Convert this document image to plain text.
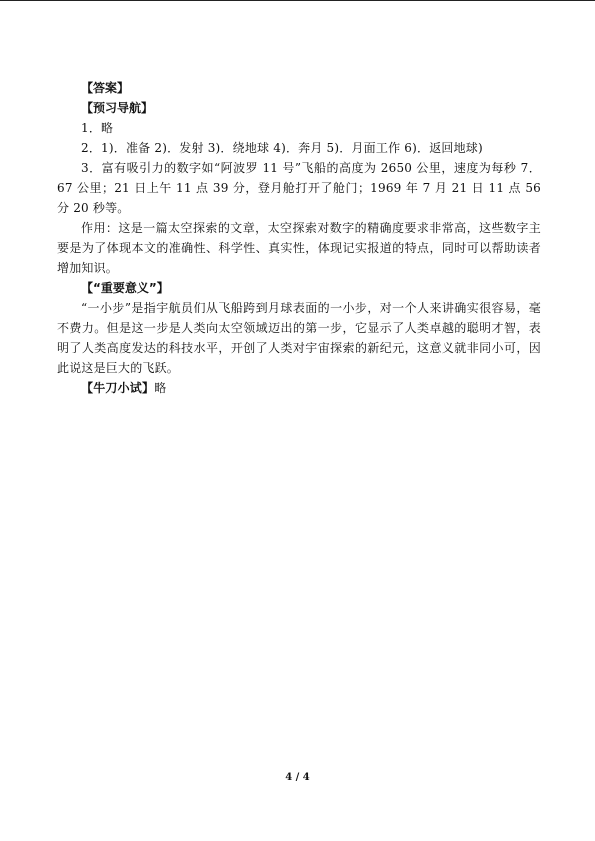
【答案】

【预习导航】

1．略

2．1)．准备 2)．发射 3)．绕地球 4)．奔月 5)．月面工作 6)．返回地球)

3．富有吸引力的数字如“阿波罗 11 号”飞船的高度为 2650 公里，速度为每秒 7．67 公里；21 日上午 11 点 39 分，登月舱打开了舱门；1969 年 7 月 21 日 11 点 56 分 20 秒等。

作用：这是一篇太空探索的文章，太空探索对数字的精确度要求非常高，这些数字主要是为了体现本文的准确性、科学性、真实性，体现记实报道的特点，同时可以帮助读者增加知识。

【“重要意义”】

“一小步”是指宇航员们从飞船跨到月球表面的一小步，对一个人来讲确实很容易，毫不费力。但是这一步是人类向太空领域迈出的第一步，它显示了人类卓越的聪明才智，表明了人类高度发达的科技水平，开创了人类对宇宙探索的新纪元，这意义就非同小可，因此说这是巨大的飞跃。

【牛刀小试】略

4 / 4
